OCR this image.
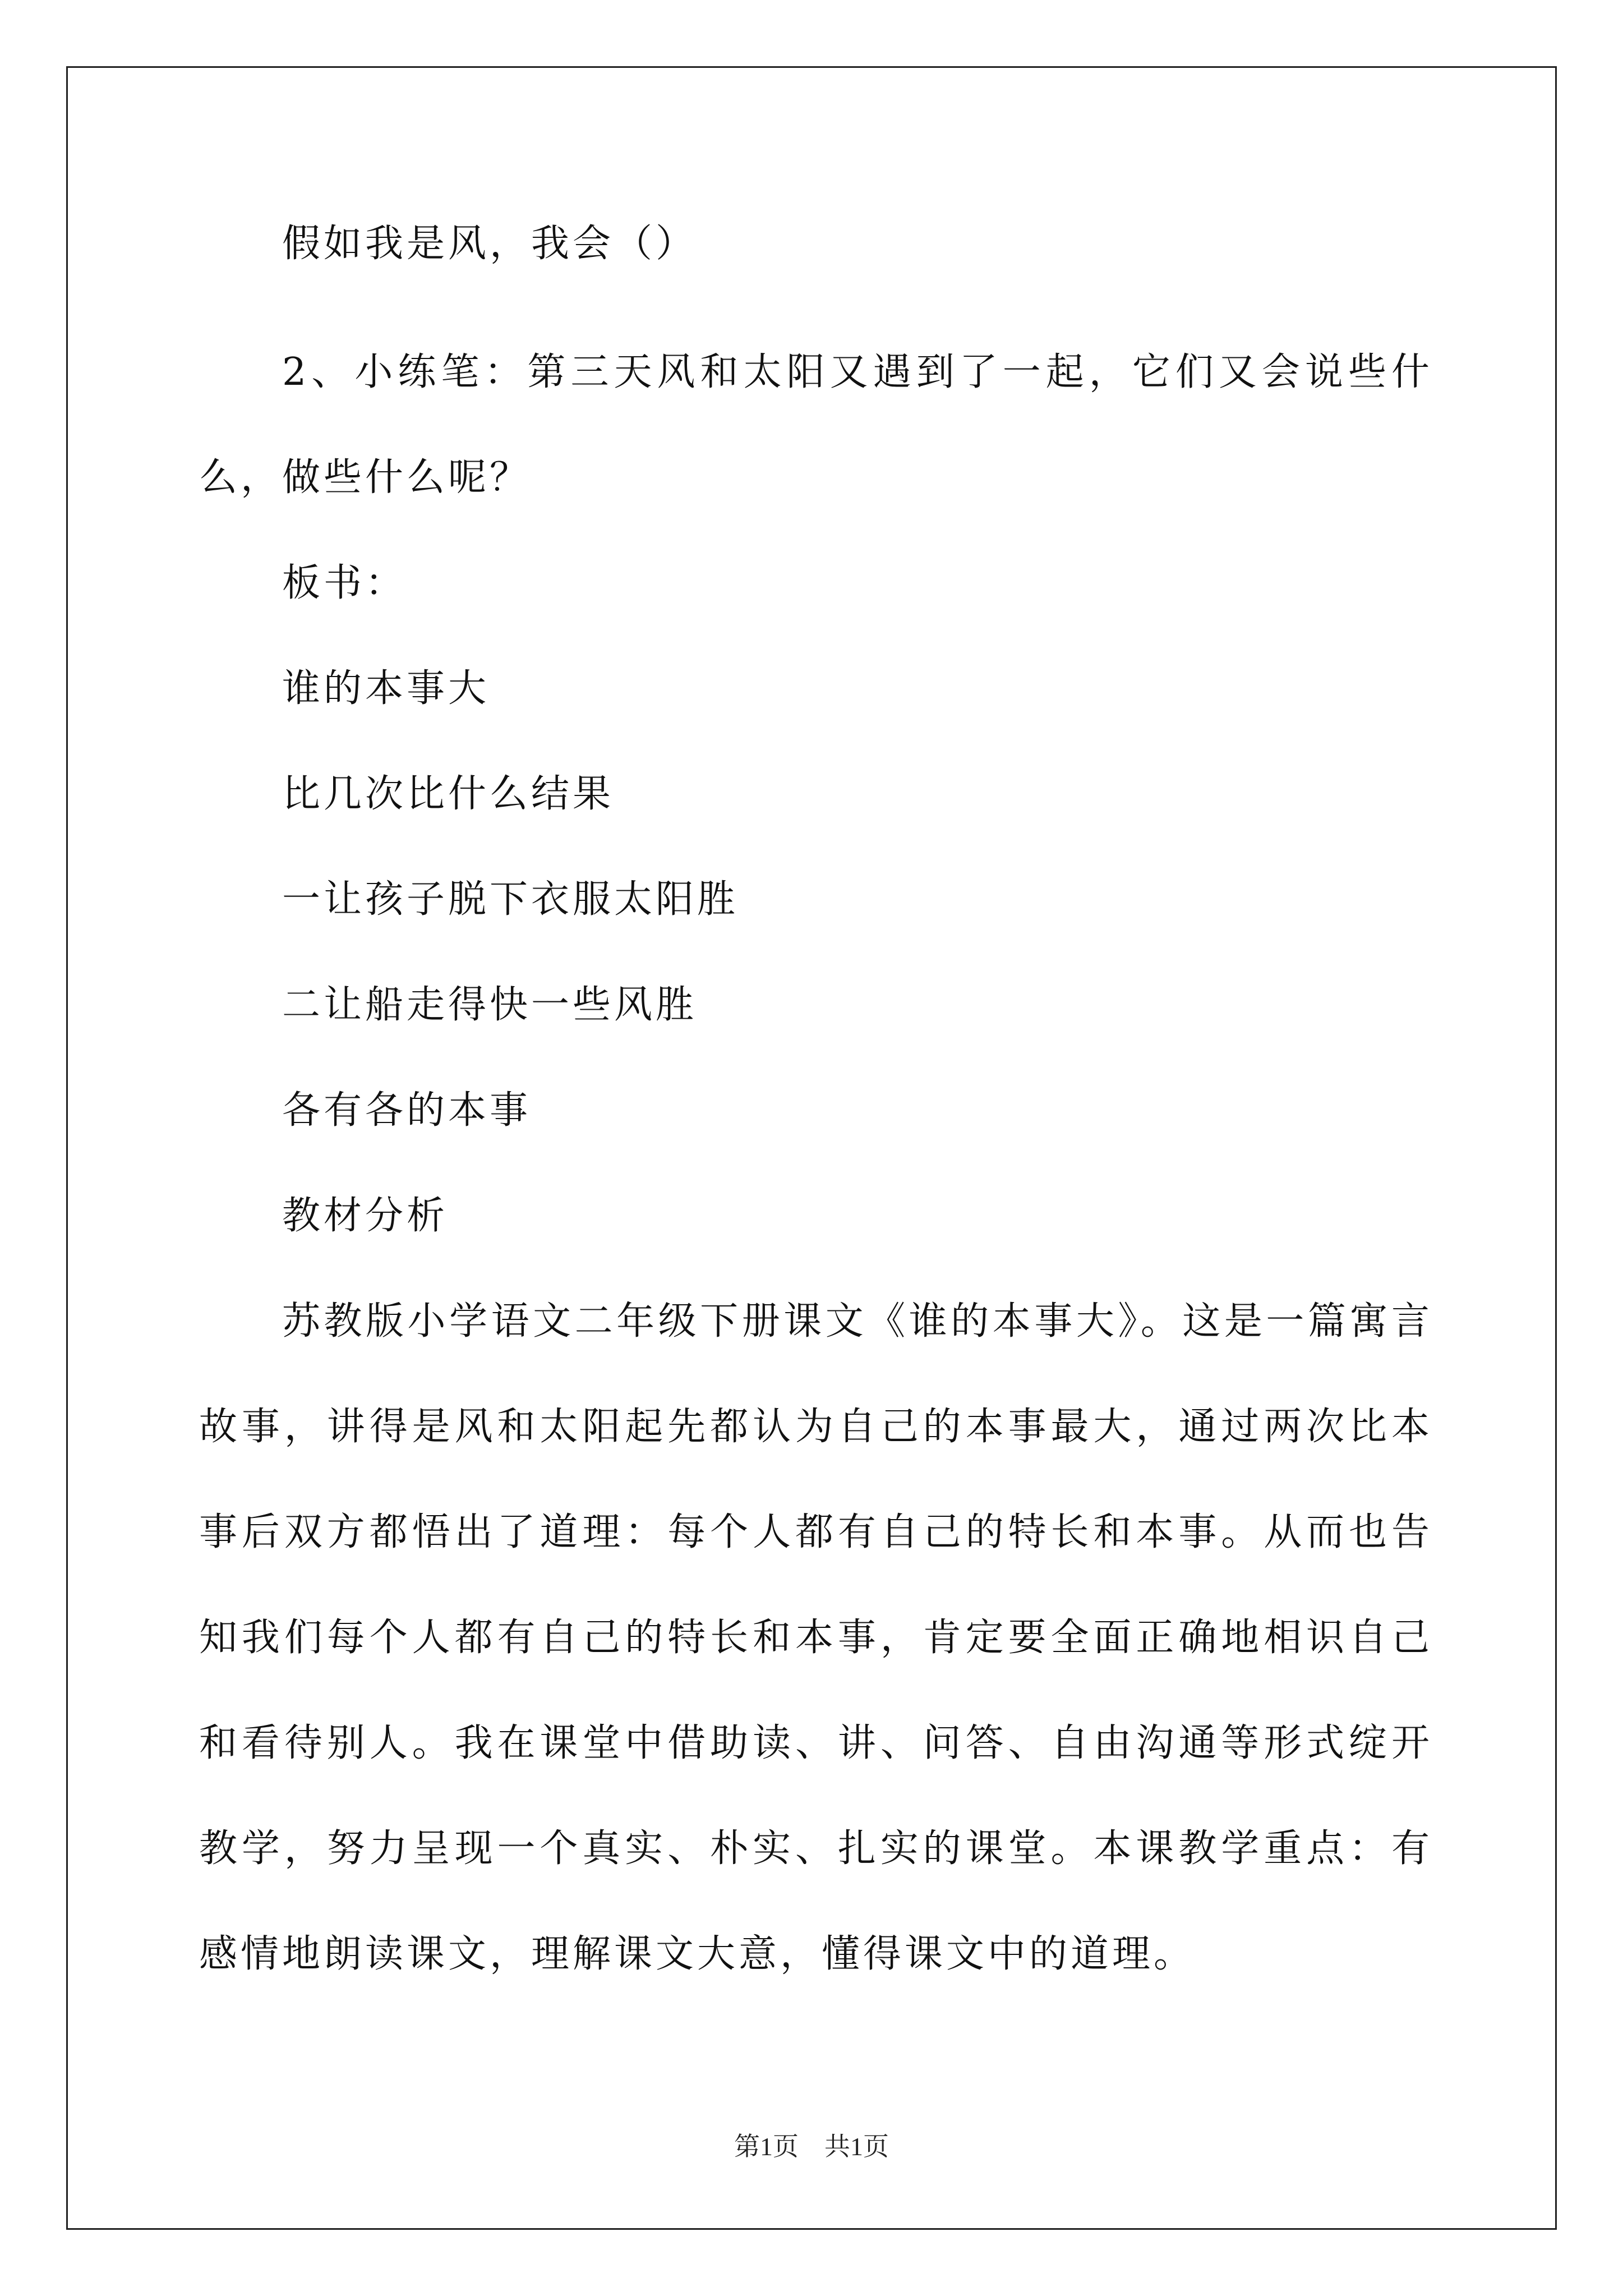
假如我是风，我会（）

2、小练笔：第三天风和太阳又遇到了一起，它们又会说些什么，做些什么呢？

板书：

谁的本事大

比几次比什么结果

一让孩子脱下衣服太阳胜

二让船走得快一些风胜

各有各的本事

教材分析

苏教版小学语文二年级下册课文《谁的本事大》。这是一篇寓言故事，讲得是风和太阳起先都认为自己的本事最大，通过两次比本事后双方都悟出了道理：每个人都有自己的特长和本事。从而也告知我们每个人都有自己的特长和本事，肯定要全面正确地相识自己和看待别人。我在课堂中借助读、讲、问答、自由沟通等形式绽开教学，努力呈现一个真实、朴实、扎实的课堂。本课教学重点：有感情地朗读课文，理解课文大意，懂得课文中的道理。

第1页　共1页
